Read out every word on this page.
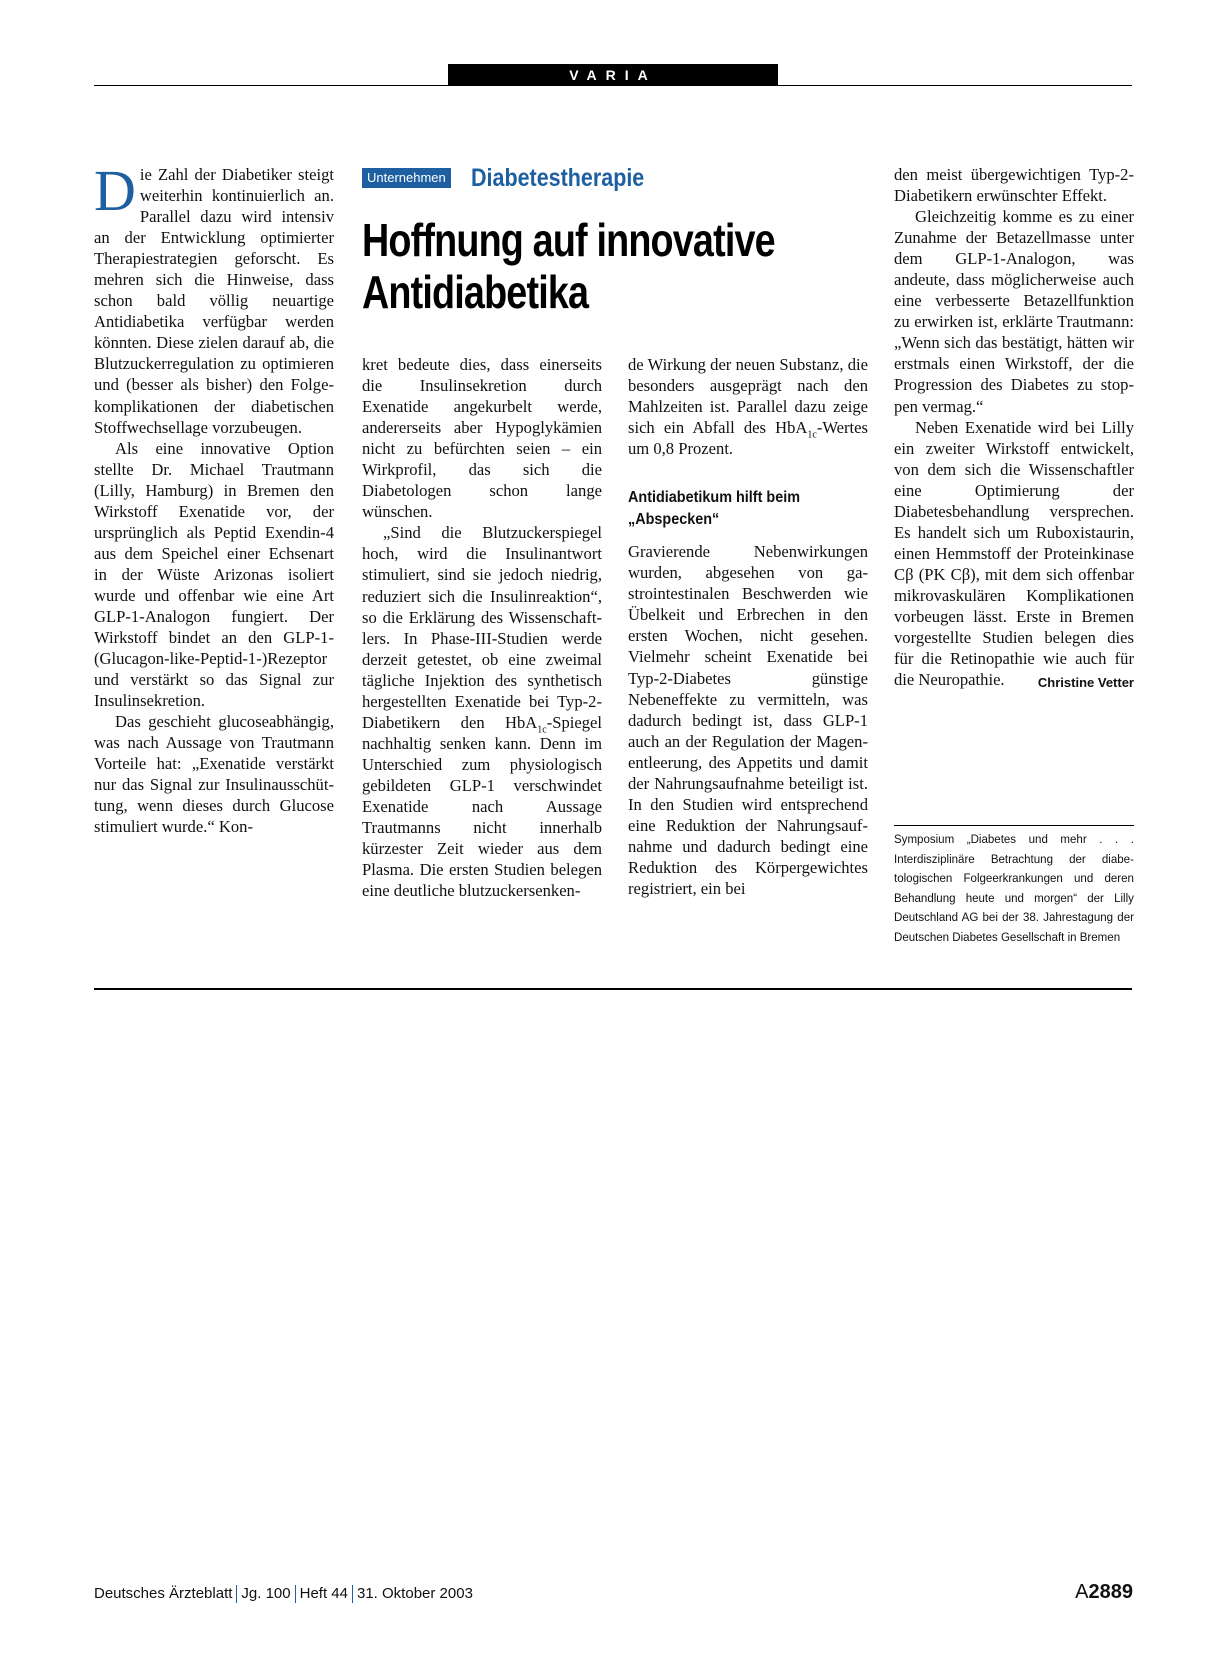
VARIA

Die Zahl der Diabetiker steigt weiterhin kontinuierlich an. Parallel dazu wird intensiv an der Entwicklung optimierter Therapiestrategien geforscht. Es mehren sich die Hinweise, dass schon bald völlig neuartige Antidiabetika verfügbar werden könnten. Diese zielen darauf ab, die Blutzuckerregulation zu optimieren und (besser als bisher) den Folgekomplikationen der diabetischen Stoffwechsellage vorzubeugen.

Als eine innovative Option stellte Dr. Michael Trautmann (Lilly, Hamburg) in Bremen den Wirkstoff Exenatide vor, der ursprünglich als Peptid Exendin-4 aus dem Speichel einer Echsenart in der Wüste Arizonas isoliert wurde und offenbar wie eine Art GLP-1-Analogon fungiert. Der Wirkstoff bindet an den GLP-1-(Glucagon-like-Peptid-1-)Rezeptor und verstärkt so das Signal zur Insulinsekretion.

Das geschieht glucoseabhängig, was nach Aussage von Trautmann Vorteile hat: „Exenatide verstärkt nur das Signal zur Insulinausschüttung, wenn dieses durch Glucose stimuliert wurde.“ Kon-

Unternehmen Diabetestherapie
Hoffnung auf innovative
Antidiabetika

kret bedeute dies, dass einerseits die Insulinsekretion durch Exenatide angekurbelt werde, andererseits aber Hypoglykämien nicht zu befürchten seien – ein Wirkprofil, das sich die Diabetologen schon lange wünschen.

„Sind die Blutzuckerspiegel hoch, wird die Insulinantwort stimuliert, sind sie jedoch niedrig, reduziert sich die Insulinreaktion“, so die Erklärung des Wissenschaftlers. In Phase-III-Studien werde derzeit getestet, ob eine zweimal tägliche Injektion des synthetisch hergestellten Exenatide bei Typ-2-Diabetikern den HbA$_{1c}$-Spiegel nachhaltig senken kann. Denn im Unterschied zum physiologisch gebildeten GLP-1 verschwindet Exenatide nach Aussage Trautmanns nicht innerhalb kürzester Zeit wieder aus dem Plasma. Die ersten Studien belegen eine deutliche blutzuckersenken-

de Wirkung der neuen Substanz, die besonders ausgeprägt nach den Mahlzeiten ist. Parallel dazu zeige sich ein Abfall des HbA$_{1c}$-Wertes um 0,8 Prozent.

Antidiabetikum hilft beim
„Abspecken“

Gravierende Nebenwirkungen wurden, abgesehen von gastrointestinalen Beschwerden wie Übelkeit und Erbrechen in den ersten Wochen, nicht gesehen. Vielmehr scheint Exenatide bei Typ-2-Diabetes günstige Nebeneffekte zu vermitteln, was dadurch bedingt ist, dass GLP-1 auch an der Regulation der Magenentleerung, des Appetits und damit der Nahrungsaufnahme beteiligt ist. In den Studien wird entsprechend eine Reduktion der Nahrungsaufnahme und dadurch bedingt eine Reduktion des Körpergewichtes registriert, ein bei

den meist übergewichtigen Typ-2-Diabetikern erwünschter Effekt.

Gleichzeitig komme es zu einer Zunahme der Betazellmasse unter dem GLP-1-Analogon, was andeute, dass möglicherweise auch eine verbesserte Betazellfunktion zu erwirken ist, erklärte Trautmann: „Wenn sich das bestätigt, hätten wir erstmals einen Wirkstoff, der die Progression des Diabetes zu stoppen vermag.“

Neben Exenatide wird bei Lilly ein zweiter Wirkstoff entwickelt, von dem sich die Wissenschaftler eine Optimierung der Diabetesbehandlung versprechen. Es handelt sich um Ruboxistaurin, einen Hemmstoff der Proteinkinase Cβ (PK Cβ), mit dem sich offenbar mikrovaskulären Komplikationen vorbeugen lässt. Erste in Bremen vorgestellte Studien belegen dies für die Retinopathie wie auch für die Neuropathie.	Christine Vetter

Symposium „Diabetes und mehr . . . Interdisziplinäre Betrachtung der diabetologischen Folgeerkrankungen und deren Behandlung heute und morgen“ der Lilly Deutschland AG bei der 38. Jahrestagung der Deutschen Diabetes Gesellschaft in Bremen
Deutsches Ärzteblatt Jg. 100 Heft 44 31. Oktober 2003	A2889
